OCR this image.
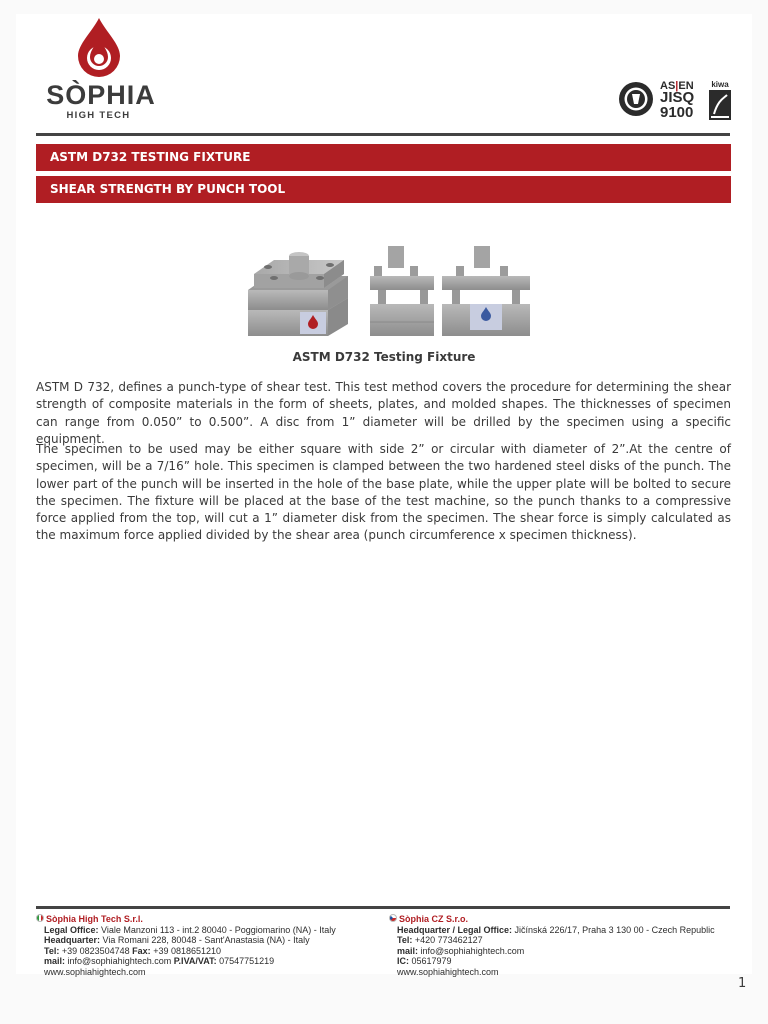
SÒPHIA
HIGH TECH
AS|EN
JISQ
9100
kiwa
ASTM D732 TESTING FIXTURE
SHEAR STRENGTH BY PUNCH TOOL
ASTM D732 Testing Fixture

ASTM D 732, defines a punch-type of shear test. This test method covers the procedure for determining the shear strength of composite materials in the form of sheets, plates, and molded shapes. The thicknesses of specimen can range from 0.050” to 0.500”. A disc from 1” diameter will be drilled by the specimen using a specific equipment.

The specimen to be used may be either square with side 2” or circular with diameter of 2”.At the centre of specimen, will be a 7/16” hole. This specimen is clamped between the two hardened steel disks of the punch. The lower part of the punch will be inserted in the hole of the base plate, while the upper plate will be bolted to secure the specimen. The fixture will be placed at the base of the test machine, so the punch thanks to a compressive force applied from the top, will cut a 1” diameter disk from the specimen. The shear force is simply calculated as the maximum force applied divided by the shear area (punch circumference x specimen thickness).

Sòphia High Tech S.r.l.
Legal Office: Viale Manzoni 113 - int.2 80040 - Poggiomarino (NA) - Italy
Headquarter: Via Romani 228, 80048 - Sant'Anastasia (NA) - Italy
Tel: +39 0823504748 Fax: +39 0818651210
mail: info@sophiahightech.com P.IVA/VAT: 07547751219
www.sophiahightech.com
Sòphia CZ S.r.o.
Headquarter / Legal Office: Jičínská 226/17, Praha 3 130 00 - Czech Republic
Tel: +420 773462127
mail: info@sophiahightech.com
IC: 05617979
www.sophiahightech.com
1
